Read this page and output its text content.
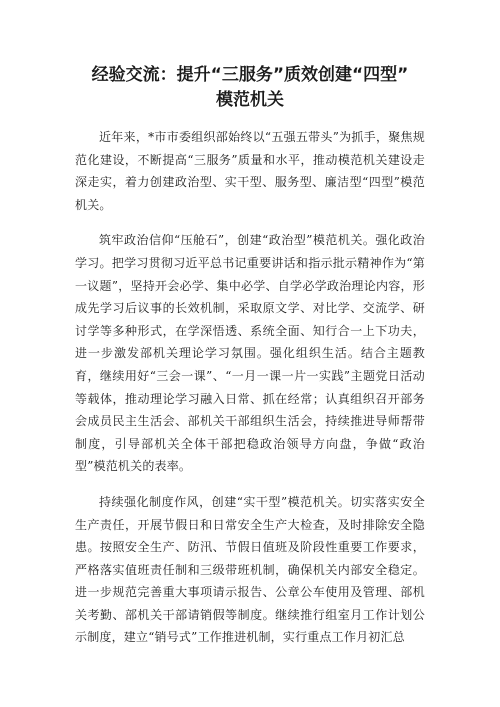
经验交流：提升“三服务”质效创建“四型”
模范机关

近年来，*市市委组织部始终以“五强五带头”为抓手，聚焦规范化建设，不断提高“三服务”质量和水平，推动模范机关建设走深走实，着力创建政治型、实干型、服务型、廉洁型“四型”模范机关。

筑牢政治信仰“压舱石”，创建“政治型”模范机关。强化政治学习。把学习贯彻习近平总书记重要讲话和指示批示精神作为“第一议题”，坚持开会必学、集中必学、自学必学政治理论内容，形成先学习后议事的长效机制，采取原文学、对比学、交流学、研讨学等多种形式，在学深悟透、系统全面、知行合一上下功夫，进一步激发部机关理论学习氛围。强化组织生活。结合主题教育，继续用好“三会一课”、“一月一课一片一实践”主题党日活动等载体，推动理论学习融入日常、抓在经常；认真组织召开部务会成员民主生活会、部机关干部组织生活会，持续推进导师帮带制度，引导部机关全体干部把稳政治领导方向盘，争做“政治型”模范机关的表率。

持续强化制度作风，创建“实干型”模范机关。切实落实安全生产责任，开展节假日和日常安全生产大检查，及时排除安全隐患。按照安全生产、防汛、节假日值班及阶段性重要工作要求，严格落实值班责任制和三级带班机制，确保机关内部安全稳定。进一步规范完善重大事项请示报告、公章公车使用及管理、部机关考勤、部机关干部请销假等制度。继续推行组室月工作计划公示制度，建立“销号式”工作推进机制，实行重点工作月初汇总
